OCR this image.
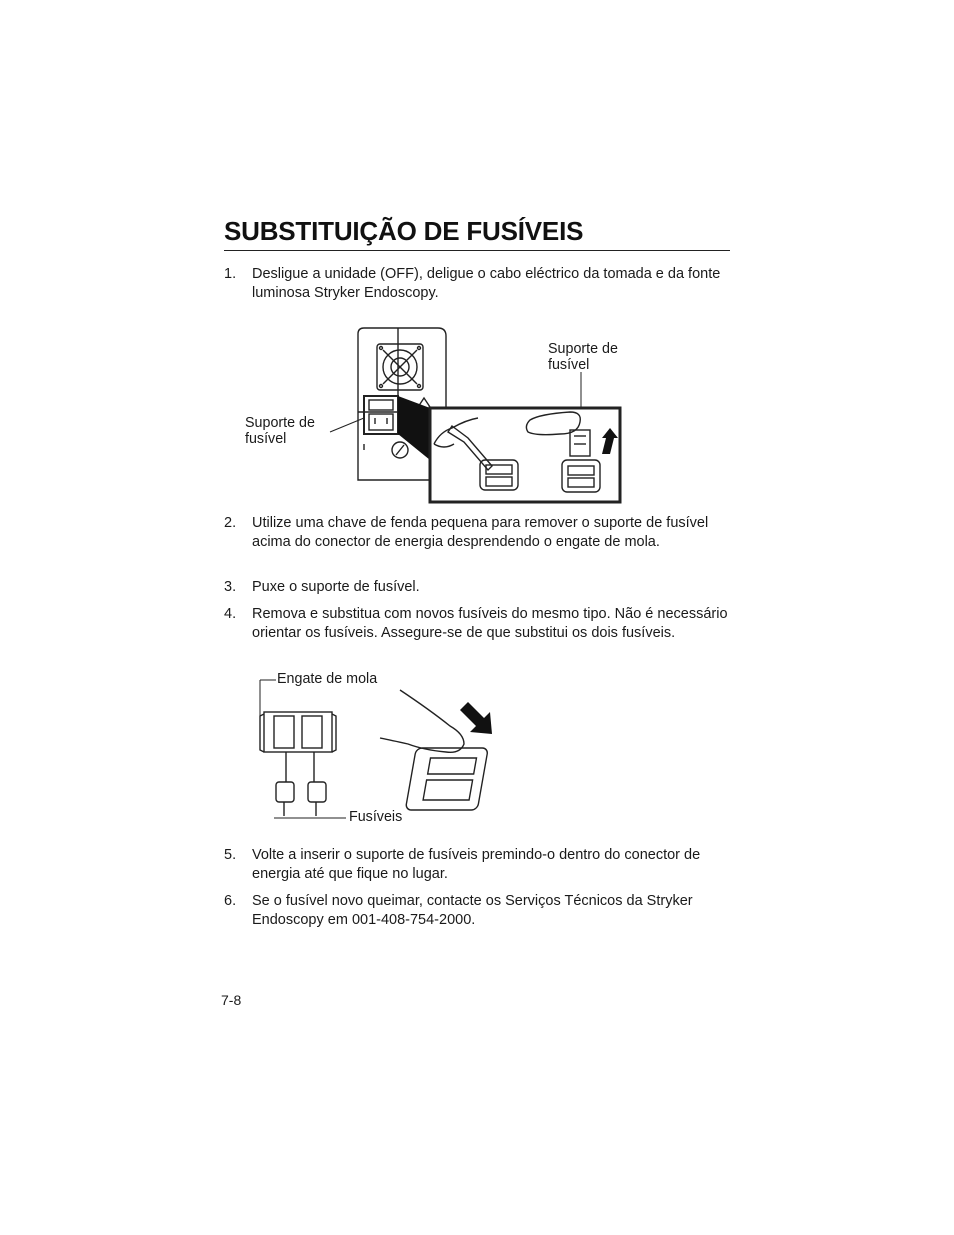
SUBSTITUIÇÃO DE FUSÍVEIS
1. Desligue a unidade (OFF), deligue o cabo eléctrico da tomada e da fonte luminosa Stryker Endoscopy.
Suporte de
fusível
Suporte de
fusível
2. Utilize uma chave de fenda pequena para remover o suporte de fusível acima do conector de energia desprendendo o engate de mola.
3. Puxe o suporte de fusível.
4. Remova e substitua com novos fusíveis do mesmo tipo. Não é necessário orientar os fusíveis. Assegure-se de que substitui os dois fusíveis.
Engate de mola
Fusíveis
5. Volte a inserir o suporte de fusíveis premindo-o dentro do conector de energia até que fique no lugar.
6. Se o fusível novo queimar, contacte os Serviços Técnicos da Stryker Endoscopy em 001-408-754-2000.
7-8
